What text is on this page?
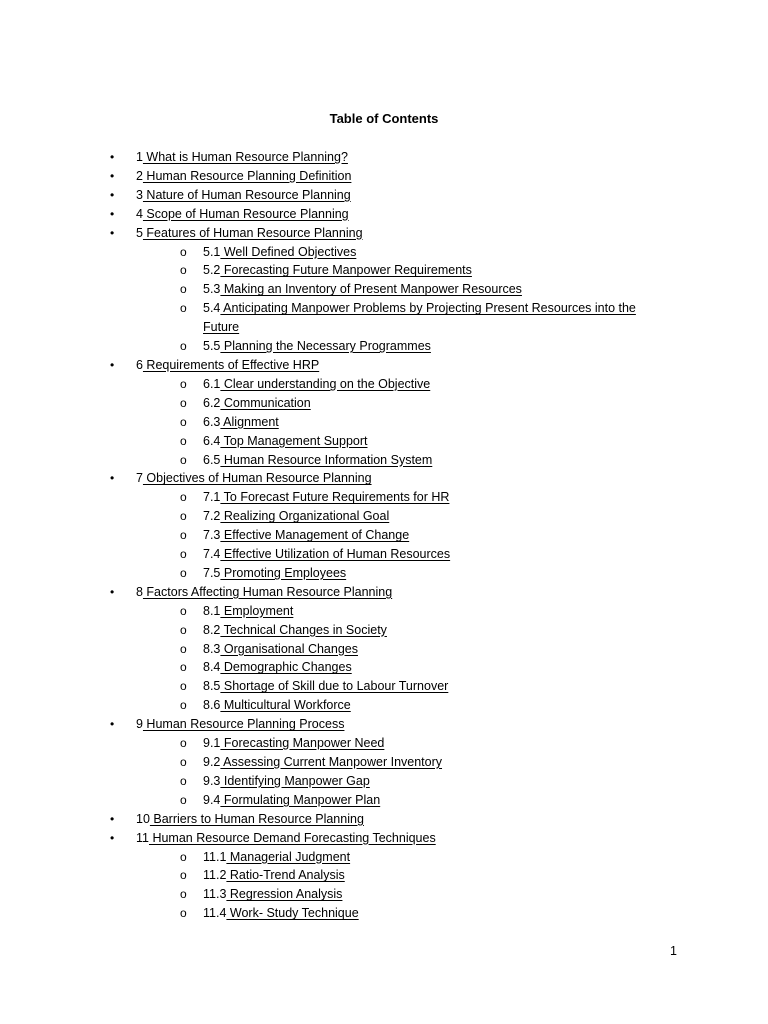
Table of Contents
• 1 What is Human Resource Planning?
• 2 Human Resource Planning Definition
• 3 Nature of Human Resource Planning
• 4 Scope of Human Resource Planning
• 5 Features of Human Resource Planning
o 5.1 Well Defined Objectives
o 5.2 Forecasting Future Manpower Requirements
o 5.3 Making an Inventory of Present Manpower Resources
o 5.4 Anticipating Manpower Problems by Projecting Present Resources into the Future
o 5.5 Planning the Necessary Programmes
• 6 Requirements of Effective HRP
o 6.1 Clear understanding on the Objective
o 6.2 Communication
o 6.3 Alignment
o 6.4 Top Management Support
o 6.5 Human Resource Information System
• 7 Objectives of Human Resource Planning
o 7.1 To Forecast Future Requirements for HR
o 7.2 Realizing Organizational Goal
o 7.3 Effective Management of Change
o 7.4 Effective Utilization of Human Resources
o 7.5 Promoting Employees
• 8 Factors Affecting Human Resource Planning
o 8.1 Employment
o 8.2 Technical Changes in Society
o 8.3 Organisational Changes
o 8.4 Demographic Changes
o 8.5 Shortage of Skill due to Labour Turnover
o 8.6 Multicultural Workforce
• 9 Human Resource Planning Process
o 9.1 Forecasting Manpower Need
o 9.2 Assessing Current Manpower Inventory
o 9.3 Identifying Manpower Gap
o 9.4 Formulating Manpower Plan
• 10 Barriers to Human Resource Planning
• 11 Human Resource Demand Forecasting Techniques
o 11.1 Managerial Judgment
o 11.2 Ratio-Trend Analysis
o 11.3 Regression Analysis
o 11.4 Work- Study Technique
1
